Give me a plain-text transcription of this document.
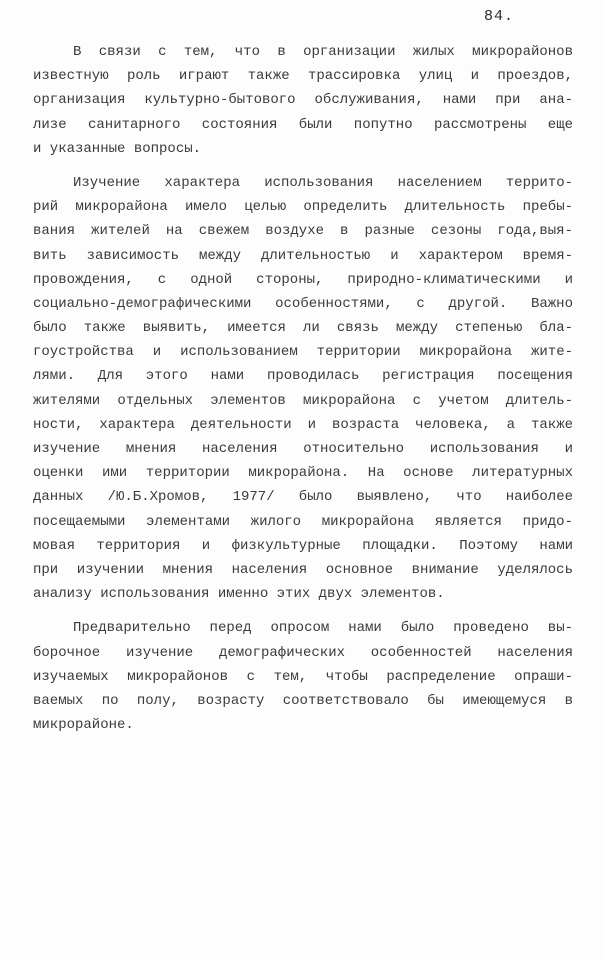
84.
В связи с тем, что в организации жилых микрорайонов
известную роль играют также трассировка улиц и проездов,
организация культурно-бытового обслуживания, нами при ана-
лизе санитарного состояния были попутно рассмотрены еще
и указанные вопросы.
Изучение характера использования населением террито-
рий микрорайона имело целью определить длительность пребы-
вания жителей на свежем воздухе в разные сезоны года,выя-
вить зависимость между длительностью и характером время-
провождения, с одной стороны, природно-климатическими и
социально-демографическими особенностями, с другой. Важно
было также выявить, имеется ли связь между степенью бла-
гоустройства и использованием территории микрорайона жите-
лями. Для этого нами проводилась регистрация посещения
жителями отдельных элементов микрорайона с учетом длитель-
ности, характера деятельности и возраста человека, а также
изучение мнения населения относительно использования и
оценки ими территории микрорайона. На основе литературных
данных /Ю.Б.Хромов, 1977/ было выявлено, что наиболее
посещаемыми элементами жилого микрорайона является придо-
мовая территория и физкультурные площадки. Поэтому нами
при изучении мнения населения основное внимание уделялось
анализу использования именно этих двух элементов.
Предварительно перед опросом нами было проведено вы-
борочное изучение демографических особенностей населения
изучаемых микрорайонов с тем, чтобы распределение опраши-
ваемых по полу, возрасту соответствовало бы имеющемуся в
микрорайоне.
